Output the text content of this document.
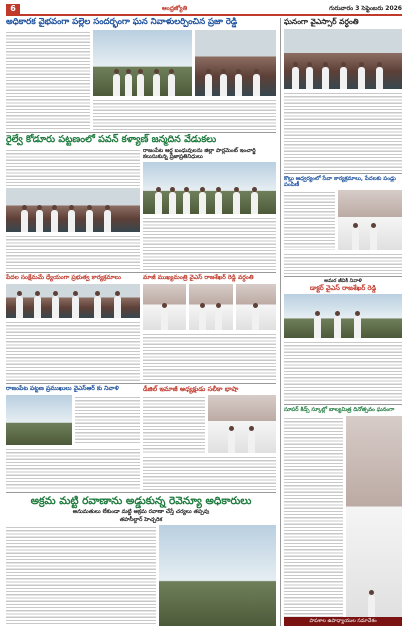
6	ఆంధ్రజ్యోతి	గురువారం 3 సెప్టెంబరు 2026
అధికారక వైభవంగా పల్లెల సందర్భంగా ఘన నివాళులర్పించిన ప్రజా రెడ్డి
రైల్వే కోడూరు పట్టణంలో పవన్ కళ్యాణ్ జన్మదిన వేడుకలు
రాజంపేట ఆర్డ బంధువులను జిల్లా పార్లమెంట్ ఇంచార్జి కలుసుకున్న ప్రజాప్రతినిధులు
పేదల సంక్షేమమే ధ్యేయంగా ప్రభుత్వ కార్యక్రమాలు	మాజీ ముఖ్యమంత్రి వైఎస్ రాజశేఖర్ రెడ్డి వర్ధంతి
రాజంపేట పట్టణ ప్రముఖులు వైఎస్‌ఆర్ కు నివాళి	డీజిల్ ఇమాజీ అధ్యక్షుడు సలీకా భాషా
అక్రమ మట్టి రవాణాను అడ్డుకున్న రెవెన్యూ అధికారులు
అనుమతులు లేకుండా మట్టి అక్రమ రవాణా చేస్తే చర్యలు తప్పవు
తహసీల్దార్ హెచ్చరిక
ఘనంగా వైఎస్సార్ వర్ధంతి
కొల్లు ఆధ్వర్యంలో సేవా కార్యక్రమాలు, పేదలకు పండ్లు పంపిణీ
అమర జీవికి నివాళి
డాక్టర్ వైఎస్ రాజశేఖర్ రెడ్డి
సూపర్ కిడ్స్ స్కూల్లో బాల్యమిత్ర దినోత్సవం ఘనంగా
పాపశాల ఉపాధ్యాయుల సమావేశం
